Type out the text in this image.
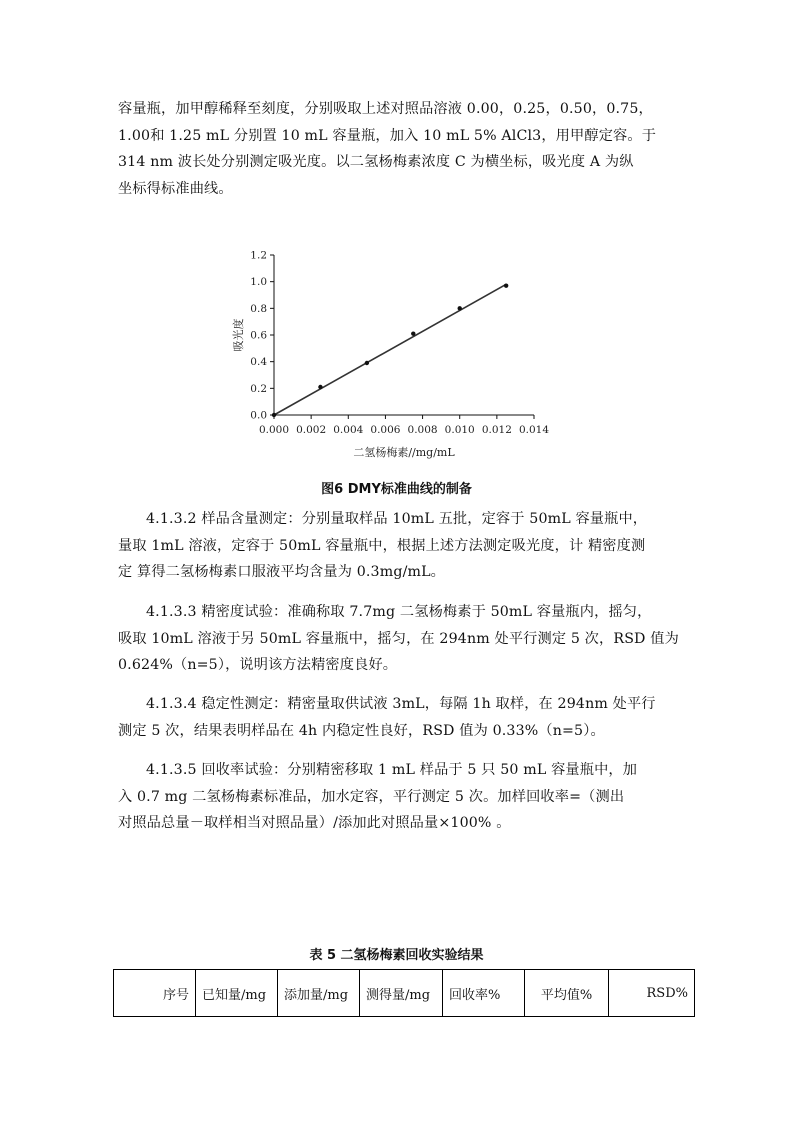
容量瓶，加甲醇稀释至刻度，分别吸取上述对照品溶液 0.00，0.25，0.50，0.75，
1.00和 1.25 mL 分别置 10 mL 容量瓶，加入 10 mL 5% AlCl3，用甲醇定容。于
314 nm 波长处分别测定吸光度。以二氢杨梅素浓度 C 为横坐标，吸光度 A 为纵
坐标得标准曲线。

0.000 0.002 0.004 0.006 0.008 0.010 0.012 0.014
0.0
0.2
0.4
0.6
0.8
1.0
1.2
二氢杨梅素//mg/mL
吸光度
图6 DMY标准曲线的制备

4.1.3.2 样品含量测定：分别量取样品 10mL 五批，定容于 50mL 容量瓶中，
量取 1mL 溶液，定容于 50mL 容量瓶中，根据上述方法测定吸光度，计 精密度测
定 算得二氢杨梅素口服液平均含量为 0.3mg/mL。

4.1.3.3 精密度试验：准确称取 7.7mg 二氢杨梅素于 50mL 容量瓶内，摇匀，
吸取 10mL 溶液于另 50mL 容量瓶中，摇匀，在 294nm 处平行测定 5 次，RSD 值为
0.624%（n=5），说明该方法精密度良好。

4.1.3.4 稳定性测定：精密量取供试液 3mL，每隔 1h 取样，在 294nm 处平行
测定 5 次，结果表明样品在 4h 内稳定性良好，RSD 值为 0.33%（n=5）。

4.1.3.5 回收率试验：分别精密移取 1 mL 样品于 5 只 50 mL 容量瓶中，加
入 0.7 mg 二氢杨梅素标准品，加水定容，平行测定 5 次。加样回收率=（测出
对照品总量－取样相当对照品量）/添加此对照品量×100% 。

表 5 二氢杨梅素回收实验结果
序号	已知量/mg	添加量/mg	测得量/mg	回收率%	平均值%	RSD%
